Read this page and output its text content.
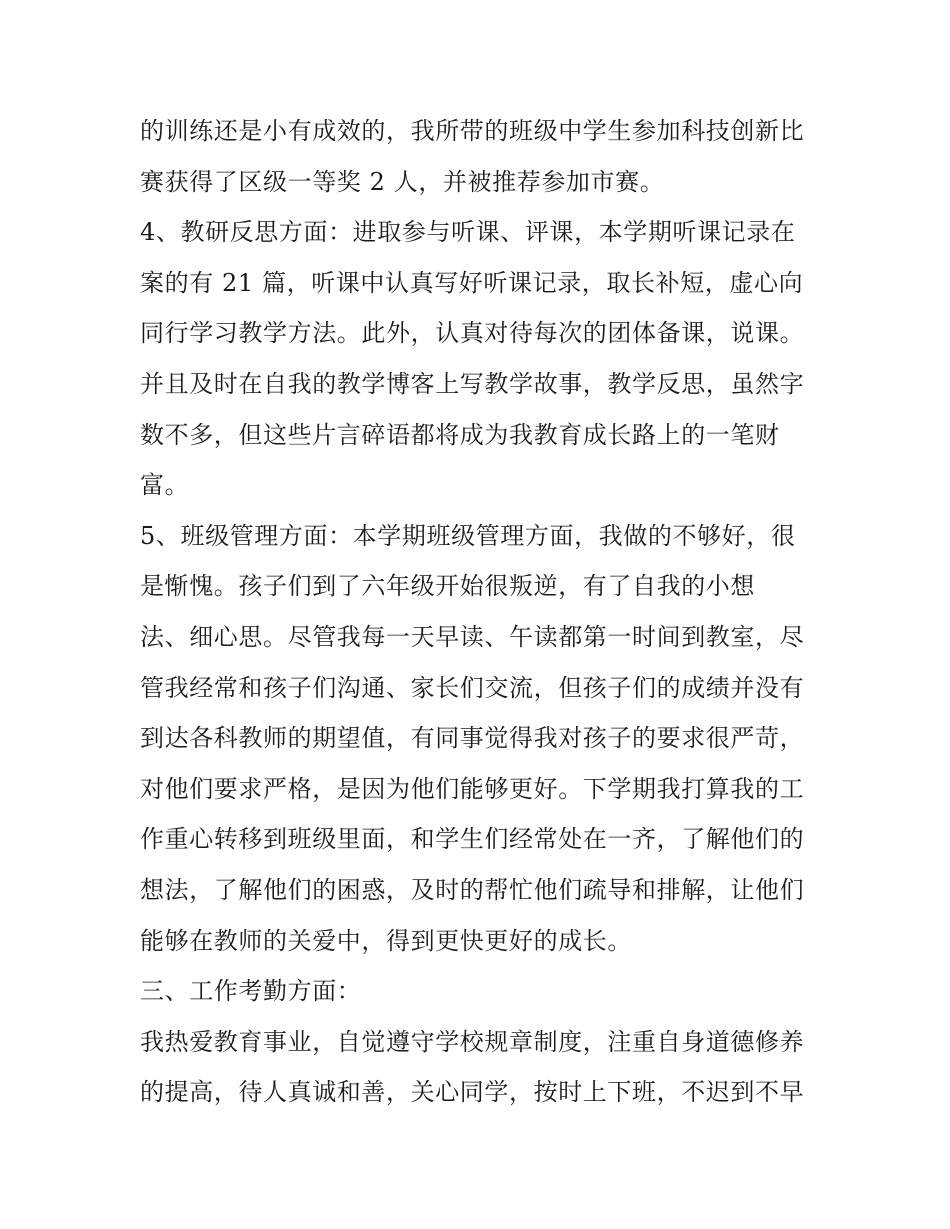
的训练还是小有成效的，我所带的班级中学生参加科技创新比
赛获得了区级一等奖 2 人，并被推荐参加市赛。
4、教研反思方面：进取参与听课、评课，本学期听课记录在
案的有 21 篇，听课中认真写好听课记录，取长补短，虚心向
同行学习教学方法。此外，认真对待每次的团体备课，说课。
并且及时在自我的教学博客上写教学故事，教学反思，虽然字
数不多，但这些片言碎语都将成为我教育成长路上的一笔财
富。
5、班级管理方面：本学期班级管理方面，我做的不够好，很
是惭愧。孩子们到了六年级开始很叛逆，有了自我的小想
法、细心思。尽管我每一天早读、午读都第一时间到教室，尽
管我经常和孩子们沟通、家长们交流，但孩子们的成绩并没有
到达各科教师的期望值，有同事觉得我对孩子的要求很严苛，
对他们要求严格，是因为他们能够更好。下学期我打算我的工
作重心转移到班级里面，和学生们经常处在一齐，了解他们的
想法，了解他们的困惑，及时的帮忙他们疏导和排解，让他们
能够在教师的关爱中，得到更快更好的成长。
三、工作考勤方面：
我热爱教育事业，自觉遵守学校规章制度，注重自身道德修养
的提高，待人真诚和善，关心同学，按时上下班，不迟到不早
